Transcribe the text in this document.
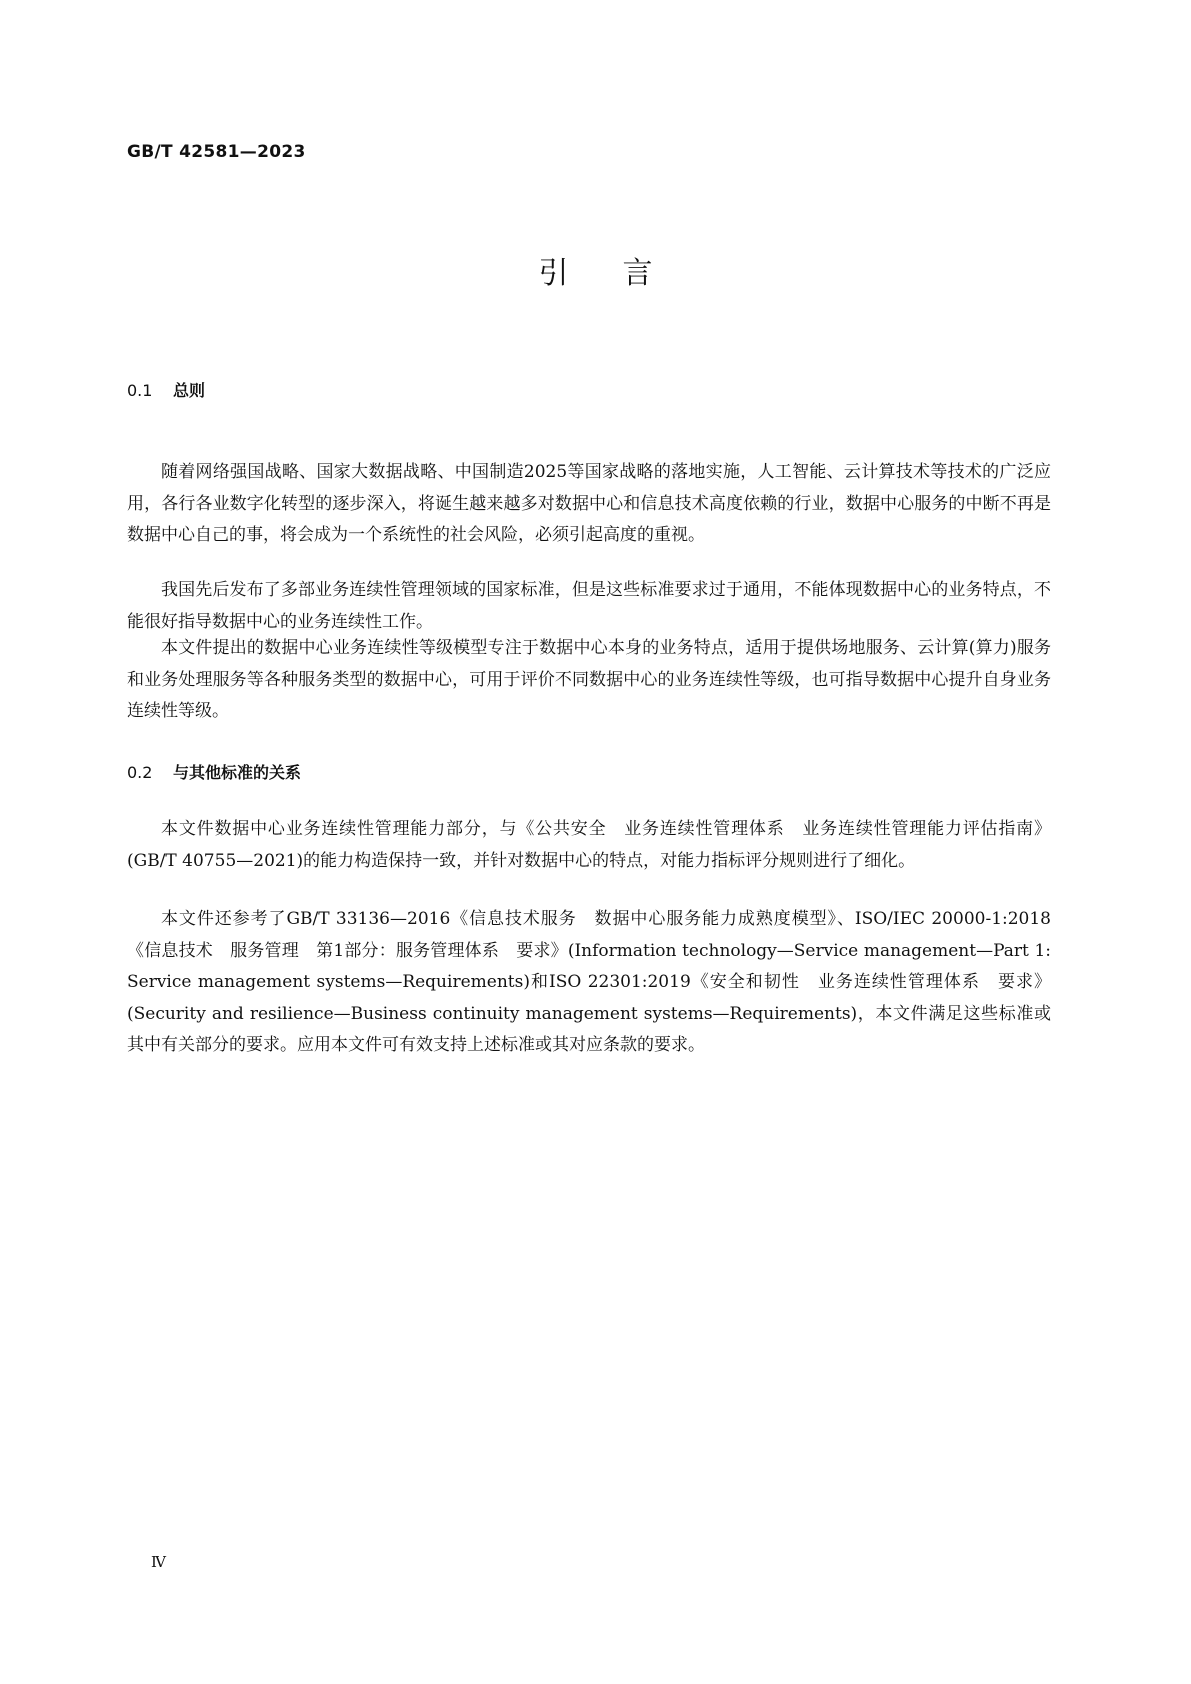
GB/T 42581—2023

引言
0.1 总则

随着网络强国战略、国家大数据战略、中国制造2025等国家战略的落地实施，人工智能、云计算技术等技术的广泛应用，各行各业数字化转型的逐步深入，将诞生越来越多对数据中心和信息技术高度依赖的行业，数据中心服务的中断不再是数据中心自己的事，将会成为一个系统性的社会风险，必须引起高度的重视。

我国先后发布了多部业务连续性管理领域的国家标准，但是这些标准要求过于通用，不能体现数据中心的业务特点，不能很好指导数据中心的业务连续性工作。

本文件提出的数据中心业务连续性等级模型专注于数据中心本身的业务特点，适用于提供场地服务、云计算(算力)服务和业务处理服务等各种服务类型的数据中心，可用于评价不同数据中心的业务连续性等级，也可指导数据中心提升自身业务连续性等级。

0.2 与其他标准的关系

本文件数据中心业务连续性管理能力部分，与《公共安全　业务连续性管理体系　业务连续性管理能力评估指南》(GB/T 40755—2021)的能力构造保持一致，并针对数据中心的特点，对能力指标评分规则进行了细化。

本文件还参考了GB/T 33136—2016《信息技术服务　数据中心服务能力成熟度模型》、ISO/IEC 20000-1:2018《信息技术　服务管理　第1部分：服务管理体系　要求》(Information technology—Service management—Part 1: Service management systems—Requirements)和ISO 22301:2019《安全和韧性　业务连续性管理体系　要求》(Security and resilience—Business continuity management systems—Requirements)，本文件满足这些标准或其中有关部分的要求。应用本文件可有效支持上述标准或其对应条款的要求。

Ⅳ
